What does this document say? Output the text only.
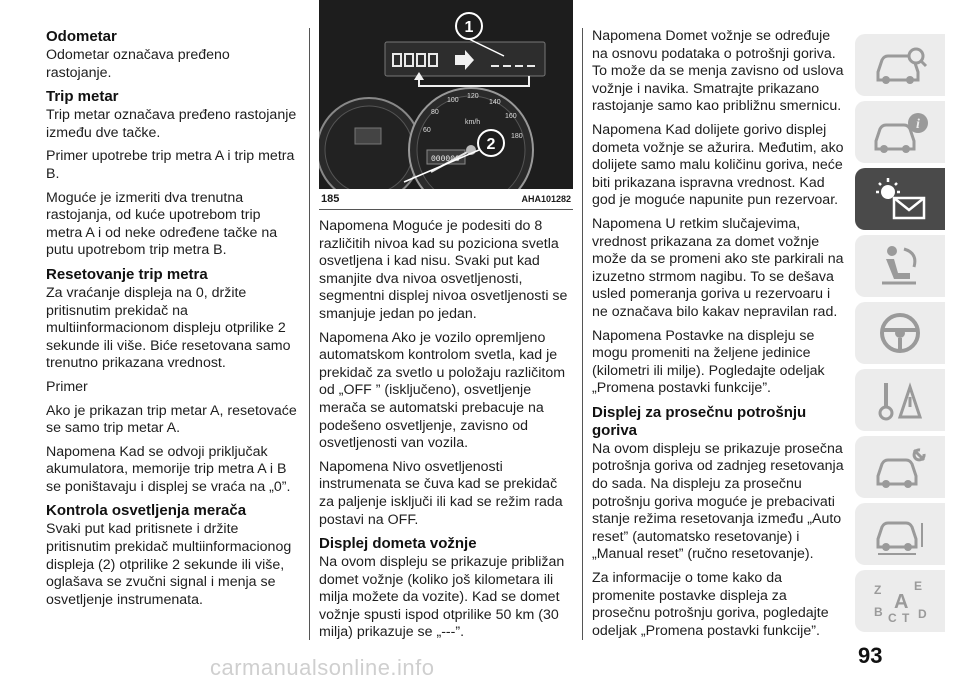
Odometar

Odometar označava pređeno rastojanje.

Trip metar

Trip metar označava pređeno rastojanje između dve tačke.

Primer upotrebe trip metra A i trip metra B.

Moguće je izmeriti dva trenutna rastojanja, od kuće upotrebom trip metra A i od neke određene tačke na putu upotrebom trip metra B.

Resetovanje trip metra

Za vraćanje displeja na 0, držite pritisnutim prekidač na multiinformacionom displeju otprilike 2 sekunde ili više. Biće resetovana samo trenutno prikazana vrednost.

Primer

Ako je prikazan trip metar A, resetovaće se samo trip metar A.

Napomena Kad se odvoji priključak akumulatora, memorije trip metra A i B se poništavaju i displej se vraća na „0”.

Kontrola osvetljenja merača

Svaki put kad pritisnete i držite pritisnutim prekidač multiinformacionog displeja (2) otprilike 2 sekunde ili više, oglašava se zvučni signal i menja se osvetljenje instrumenata.

1
60
80
100
120
140
160
180
km/h
000000
2
185	AHA101282

Napomena Moguće je podesiti do 8 različitih nivoa kad su poziciona svetla osvetljena i kad nisu. Svaki put kad smanjite dva nivoa osvetljenosti, segmentni displej nivoa osvetljenosti se smanjuje jedan po jedan.

Napomena Ako je vozilo opremljeno automatskom kontrolom svetla, kad je prekidač za svetlo u položaju različitom od „OFF ” (isključeno), osvetljenje merača se automatski prebacuje na podešeno osvetljenje, zavisno od osvetljenosti van vozila.

Napomena Nivo osvetljenosti instrumenata se čuva kad se prekidač za paljenje isključi ili kad se režim rada postavi na OFF.

Displej dometa vožnje

Na ovom displeju se prikazuje približan domet vožnje (koliko još kilometara ili milja možete da vozite). Kad se domet vožnje spusti ispod otprilike 50 km (30 milja) prikazuje se „---”.

Napomena Domet vožnje se određuje na osnovu podataka o potrošnji goriva. To može da se menja zavisno od uslova vožnje i navika. Smatrajte prikazano rastojanje samo kao približnu smernicu.

Napomena Kad dolijete gorivo displej dometa vožnje se ažurira. Međutim, ako dolijete samo malu količinu goriva, neće biti prikazana ispravna vrednost. Kad god je moguće napunite pun rezervoar.

Napomena U retkim slučajevima, vrednost prikazana za domet vožnje može da se promeni ako ste parkirali na izuzetno strmom nagibu. To se dešava usled pomeranja goriva u rezervoaru i ne označava bilo kakav nepravilan rad.

Napomena Postavke na displeju se mogu promeniti na željene jedinice (kilometri ili milje). Pogledajte odeljak „Promena postavki funkcije”.

Displej za prosečnu potrošnju goriva

Na ovom displeju se prikazuje prosečna potrošnja goriva od zadnjeg resetovanja do sada. Na displeju za prosečnu potrošnju goriva moguće je prebacivati stanje režima resetovanja između „Auto reset” (automatsko resetovanje) i „Manual reset” (ručno resetovanje).

Za informacije o tome kako da promenite postavke displeja za prosečnu potrošnju goriva, pogledajte odeljak „Promena postavki funkcije”.

i
Z	E
A
B C T D
93
carmanualsonline.info
